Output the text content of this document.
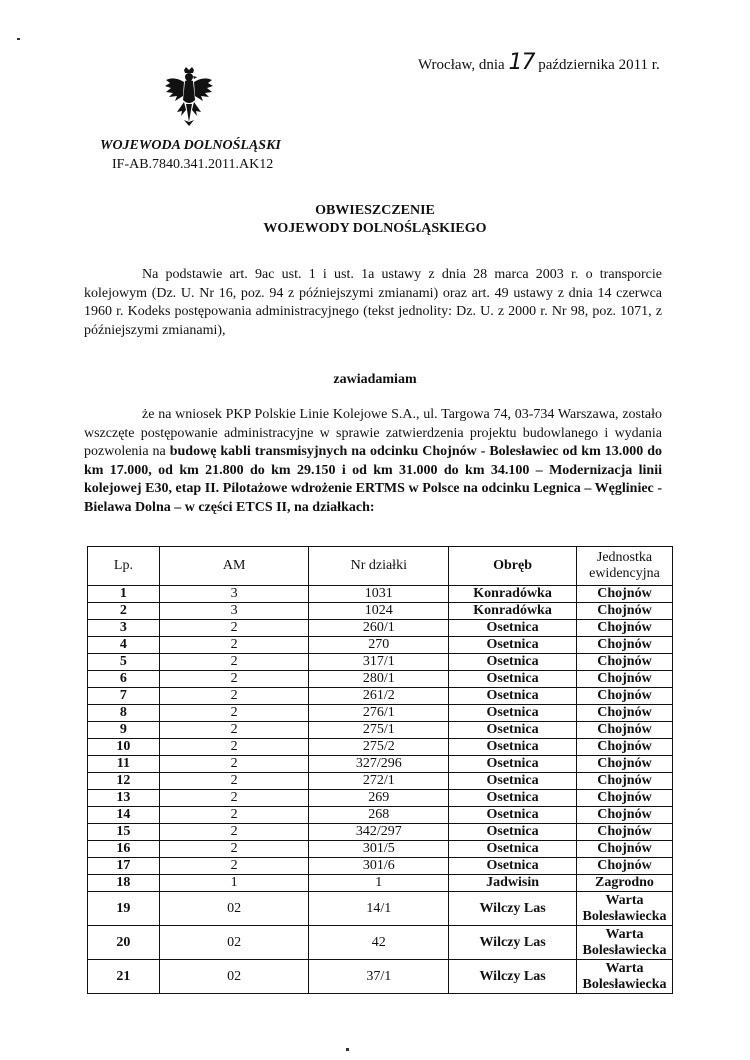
Wrocław, dnia 17 października 2011 r.
WOJEWODA DOLNOŚLĄSKI
IF-AB.7840.341.2011.AK12
OBWIESZCZENIE
WOJEWODY DOLNOŚLĄSKIEGO

Na podstawie art. 9ac ust. 1 i ust. 1a ustawy z dnia 28 marca 2003 r. o transporcie kolejowym (Dz. U. Nr 16, poz. 94 z późniejszymi zmianami) oraz art. 49 ustawy z dnia 14 czerwca 1960 r. Kodeks postępowania administracyjnego (tekst jednolity: Dz. U. z 2000 r. Nr 98, poz. 1071, z późniejszymi zmianami),

zawiadamiam

że na wniosek PKP Polskie Linie Kolejowe S.A., ul. Targowa 74, 03-734 Warszawa, zostało wszczęte postępowanie administracyjne w sprawie zatwierdzenia projektu budowlanego i wydania pozwolenia na budowę kabli transmisyjnych na odcinku Chojnów - Bolesławiec od km 13.000 do km 17.000, od km 21.800 do km 29.150 i od km 31.000 do km 34.100 – Modernizacja linii kolejowej E30, etap II. Pilotażowe wdrożenie ERTMS w Polsce na odcinku Legnica – Węgliniec - Bielawa Dolna – w części ETCS II, na działkach:

Lp.	AM	Nr działki	Obręb	Jednostka ewidencyjna
1	3	1031	Konradówka	Chojnów
2	3	1024	Konradówka	Chojnów
3	2	260/1	Osetnica	Chojnów
4	2	270	Osetnica	Chojnów
5	2	317/1	Osetnica	Chojnów
6	2	280/1	Osetnica	Chojnów
7	2	261/2	Osetnica	Chojnów
8	2	276/1	Osetnica	Chojnów
9	2	275/1	Osetnica	Chojnów
10	2	275/2	Osetnica	Chojnów
11	2	327/296	Osetnica	Chojnów
12	2	272/1	Osetnica	Chojnów
13	2	269	Osetnica	Chojnów
14	2	268	Osetnica	Chojnów
15	2	342/297	Osetnica	Chojnów
16	2	301/5	Osetnica	Chojnów
17	2	301/6	Osetnica	Chojnów
18	1	1	Jadwisin	Zagrodno
19	02	14/1	Wilczy Las	Warta Bolesławiecka
20	02	42	Wilczy Las	Warta Bolesławiecka
21	02	37/1	Wilczy Las	Warta Bolesławiecka
